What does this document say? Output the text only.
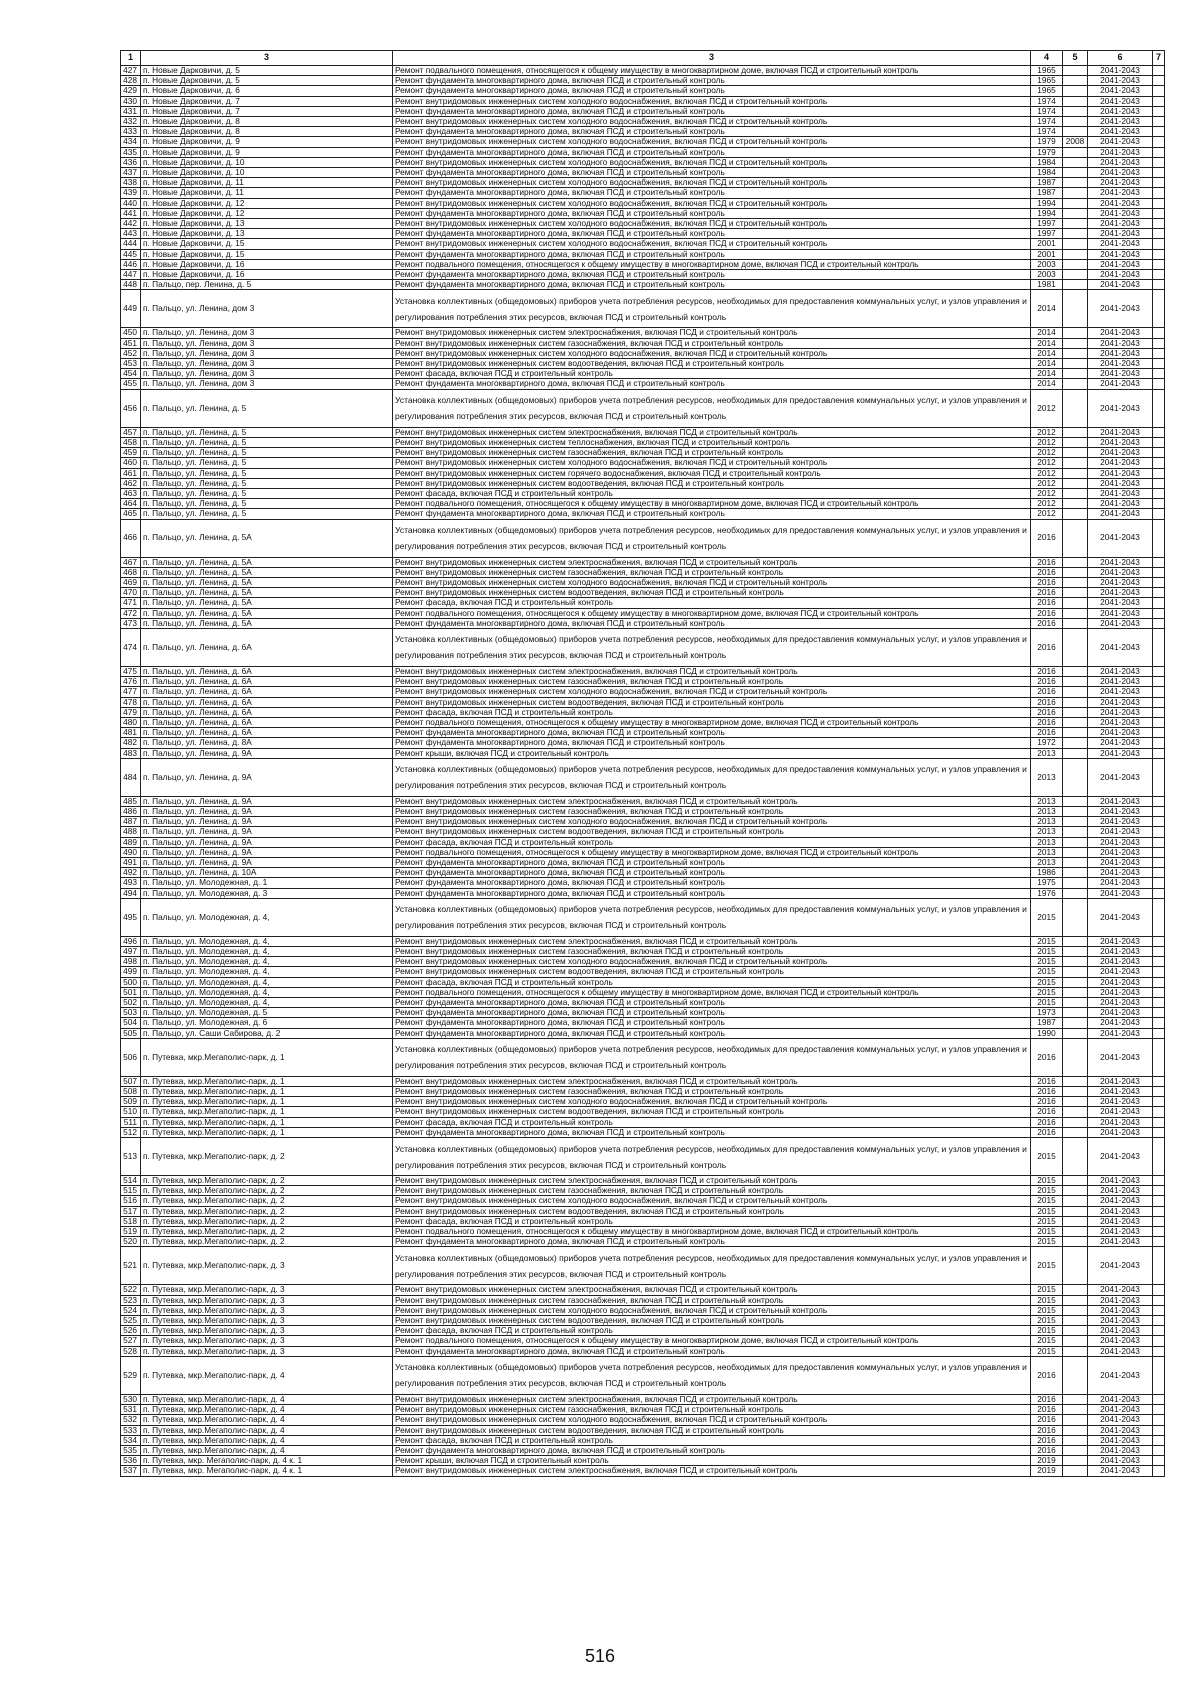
1	3	3	4	5	6	7
427	п. Новые Дарковичи, д. 5	Ремонт подвального помещения, относящегося к общему имуществу в многоквартирном доме, включая ПСД и строительный контроль	1965		2041-2043	
428	п. Новые Дарковичи, д. 5	Ремонт фундамента многоквартирного дома, включая ПСД и строительный контроль	1965		2041-2043	
429	п. Новые Дарковичи, д. 6	Ремонт фундамента многоквартирного дома, включая ПСД и строительный контроль	1965		2041-2043	
430	п. Новые Дарковичи, д. 7	Ремонт внутридомовых инженерных систем холодного водоснабжения, включая ПСД и строительный контроль	1974		2041-2043	
431	п. Новые Дарковичи, д. 7	Ремонт фундамента многоквартирного дома, включая ПСД и строительный контроль	1974		2041-2043	
432	п. Новые Дарковичи, д. 8	Ремонт внутридомовых инженерных систем холодного водоснабжения, включая ПСД и строительный контроль	1974		2041-2043	
433	п. Новые Дарковичи, д. 8	Ремонт фундамента многоквартирного дома, включая ПСД и строительный контроль	1974		2041-2043	
434	п. Новые Дарковичи, д. 9	Ремонт внутридомовых инженерных систем холодного водоснабжения, включая ПСД и строительный контроль	1979	2008	2041-2043	
435	п. Новые Дарковичи, д. 9	Ремонт фундамента многоквартирного дома, включая ПСД и строительный контроль	1979		2041-2043	
436	п. Новые Дарковичи, д. 10	Ремонт внутридомовых инженерных систем холодного водоснабжения, включая ПСД и строительный контроль	1984		2041-2043	
437	п. Новые Дарковичи, д. 10	Ремонт фундамента многоквартирного дома, включая ПСД и строительный контроль	1984		2041-2043	
438	п. Новые Дарковичи, д. 11	Ремонт внутридомовых инженерных систем холодного водоснабжения, включая ПСД и строительный контроль	1987		2041-2043	
439	п. Новые Дарковичи, д. 11	Ремонт фундамента многоквартирного дома, включая ПСД и строительный контроль	1987		2041-2043	
440	п. Новые Дарковичи, д. 12	Ремонт внутридомовых инженерных систем холодного водоснабжения, включая ПСД и строительный контроль	1994		2041-2043	
441	п. Новые Дарковичи, д. 12	Ремонт фундамента многоквартирного дома, включая ПСД и строительный контроль	1994		2041-2043	
442	п. Новые Дарковичи, д. 13	Ремонт внутридомовых инженерных систем холодного водоснабжения, включая ПСД и строительный контроль	1997		2041-2043	
443	п. Новые Дарковичи, д. 13	Ремонт фундамента многоквартирного дома, включая ПСД и строительный контроль	1997		2041-2043	
444	п. Новые Дарковичи, д. 15	Ремонт внутридомовых инженерных систем холодного водоснабжения, включая ПСД и строительный контроль	2001		2041-2043	
445	п. Новые Дарковичи, д. 15	Ремонт фундамента многоквартирного дома, включая ПСД и строительный контроль	2001		2041-2043	
446	п. Новые Дарковичи, д. 16	Ремонт подвального помещения, относящегося к общему имуществу в многоквартирном доме, включая ПСД и строительный контроль	2003		2041-2043	
447	п. Новые Дарковичи, д. 16	Ремонт фундамента многоквартирного дома, включая ПСД и строительный контроль	2003		2041-2043	
448	п. Пальцо, пер. Ленина, д. 5	Ремонт фундамента многоквартирного дома, включая ПСД и строительный контроль	1981		2041-2043	
449	п. Пальцо, ул. Ленина, дом 3	Установка коллективных (общедомовых) приборов учета потребления ресурсов, необходимых для предоставления коммунальных услуг, и узлов управления и регулирования потребления этих ресурсов, включая ПСД и строительный контроль	2014		2041-2043	
450	п. Пальцо, ул. Ленина, дом 3	Ремонт внутридомовых инженерных систем электроснабжения, включая ПСД и строительный контроль	2014		2041-2043	
451	п. Пальцо, ул. Ленина, дом 3	Ремонт внутридомовых инженерных систем газоснабжения, включая ПСД и строительный контроль	2014		2041-2043	
452	п. Пальцо, ул. Ленина, дом 3	Ремонт внутридомовых инженерных систем холодного водоснабжения, включая ПСД и строительный контроль	2014		2041-2043	
453	п. Пальцо, ул. Ленина, дом 3	Ремонт внутридомовых инженерных систем водоотведения, включая ПСД и строительный контроль	2014		2041-2043	
454	п. Пальцо, ул. Ленина, дом 3	Ремонт фасада, включая ПСД и строительный контроль	2014		2041-2043	
455	п. Пальцо, ул. Ленина, дом 3	Ремонт фундамента многоквартирного дома, включая ПСД и строительный контроль	2014		2041-2043	
456	п. Пальцо, ул. Ленина, д. 5	Установка коллективных (общедомовых) приборов учета потребления ресурсов, необходимых для предоставления коммунальных услуг, и узлов управления и регулирования потребления этих ресурсов, включая ПСД и строительный контроль	2012		2041-2043	
457	п. Пальцо, ул. Ленина, д. 5	Ремонт внутридомовых инженерных систем электроснабжения, включая ПСД и строительный контроль	2012		2041-2043	
458	п. Пальцо, ул. Ленина, д. 5	Ремонт внутридомовых инженерных систем теплоснабжения, включая ПСД и строительный контроль	2012		2041-2043	
459	п. Пальцо, ул. Ленина, д. 5	Ремонт внутридомовых инженерных систем газоснабжения, включая ПСД и строительный контроль	2012		2041-2043	
460	п. Пальцо, ул. Ленина, д. 5	Ремонт внутридомовых инженерных систем холодного водоснабжения, включая ПСД и строительный контроль	2012		2041-2043	
461	п. Пальцо, ул. Ленина, д. 5	Ремонт внутридомовых инженерных систем горячего водоснабжения, включая ПСД и строительный контроль	2012		2041-2043	
462	п. Пальцо, ул. Ленина, д. 5	Ремонт внутридомовых инженерных систем водоотведения, включая ПСД и строительный контроль	2012		2041-2043	
463	п. Пальцо, ул. Ленина, д. 5	Ремонт фасада, включая ПСД и строительный контроль	2012		2041-2043	
464	п. Пальцо, ул. Ленина, д. 5	Ремонт подвального помещения, относящегося к общему имуществу в многоквартирном доме, включая ПСД и строительный контроль	2012		2041-2043	
465	п. Пальцо, ул. Ленина, д. 5	Ремонт фундамента многоквартирного дома, включая ПСД и строительный контроль	2012		2041-2043	
466	п. Пальцо, ул. Ленина, д. 5А	Установка коллективных (общедомовых) приборов учета потребления ресурсов, необходимых для предоставления коммунальных услуг, и узлов управления и регулирования потребления этих ресурсов, включая ПСД и строительный контроль	2016		2041-2043	
467	п. Пальцо, ул. Ленина, д. 5А	Ремонт внутридомовых инженерных систем электроснабжения, включая ПСД и строительный контроль	2016		2041-2043	
468	п. Пальцо, ул. Ленина, д. 5А	Ремонт внутридомовых инженерных систем газоснабжения, включая ПСД и строительный контроль	2016		2041-2043	
469	п. Пальцо, ул. Ленина, д. 5А	Ремонт внутридомовых инженерных систем холодного водоснабжения, включая ПСД и строительный контроль	2016		2041-2043	
470	п. Пальцо, ул. Ленина, д. 5А	Ремонт внутридомовых инженерных систем водоотведения, включая ПСД и строительный контроль	2016		2041-2043	
471	п. Пальцо, ул. Ленина, д. 5А	Ремонт фасада, включая ПСД и строительный контроль	2016		2041-2043	
472	п. Пальцо, ул. Ленина, д. 5А	Ремонт подвального помещения, относящегося к общему имуществу в многоквартирном доме, включая ПСД и строительный контроль	2016		2041-2043	
473	п. Пальцо, ул. Ленина, д. 5А	Ремонт фундамента многоквартирного дома, включая ПСД и строительный контроль	2016		2041-2043	
474	п. Пальцо, ул. Ленина, д. 6А	Установка коллективных (общедомовых) приборов учета потребления ресурсов, необходимых для предоставления коммунальных услуг, и узлов управления и регулирования потребления этих ресурсов, включая ПСД и строительный контроль	2016		2041-2043	
475	п. Пальцо, ул. Ленина, д. 6А	Ремонт внутридомовых инженерных систем электроснабжения, включая ПСД и строительный контроль	2016		2041-2043	
476	п. Пальцо, ул. Ленина, д. 6А	Ремонт внутридомовых инженерных систем газоснабжения, включая ПСД и строительный контроль	2016		2041-2043	
477	п. Пальцо, ул. Ленина, д. 6А	Ремонт внутридомовых инженерных систем холодного водоснабжения, включая ПСД и строительный контроль	2016		2041-2043	
478	п. Пальцо, ул. Ленина, д. 6А	Ремонт внутридомовых инженерных систем водоотведения, включая ПСД и строительный контроль	2016		2041-2043	
479	п. Пальцо, ул. Ленина, д. 6А	Ремонт фасада, включая ПСД и строительный контроль	2016		2041-2043	
480	п. Пальцо, ул. Ленина, д. 6А	Ремонт подвального помещения, относящегося к общему имуществу в многоквартирном доме, включая ПСД и строительный контроль	2016		2041-2043	
481	п. Пальцо, ул. Ленина, д. 6А	Ремонт фундамента многоквартирного дома, включая ПСД и строительный контроль	2016		2041-2043	
482	п. Пальцо, ул. Ленина, д. 8А	Ремонт фундамента многоквартирного дома, включая ПСД и строительный контроль	1972		2041-2043	
483	п. Пальцо, ул. Ленина, д. 9А	Ремонт крыши, включая ПСД и строительный контроль	2013		2041-2043	
484	п. Пальцо, ул. Ленина, д. 9А	Установка коллективных (общедомовых) приборов учета потребления ресурсов, необходимых для предоставления коммунальных услуг, и узлов управления и регулирования потребления этих ресурсов, включая ПСД и строительный контроль	2013		2041-2043	
485	п. Пальцо, ул. Ленина, д. 9А	Ремонт внутридомовых инженерных систем электроснабжения, включая ПСД и строительный контроль	2013		2041-2043	
486	п. Пальцо, ул. Ленина, д. 9А	Ремонт внутридомовых инженерных систем газоснабжения, включая ПСД и строительный контроль	2013		2041-2043	
487	п. Пальцо, ул. Ленина, д. 9А	Ремонт внутридомовых инженерных систем холодного водоснабжения, включая ПСД и строительный контроль	2013		2041-2043	
488	п. Пальцо, ул. Ленина, д. 9А	Ремонт внутридомовых инженерных систем водоотведения, включая ПСД и строительный контроль	2013		2041-2043	
489	п. Пальцо, ул. Ленина, д. 9А	Ремонт фасада, включая ПСД и строительный контроль	2013		2041-2043	
490	п. Пальцо, ул. Ленина, д. 9А	Ремонт подвального помещения, относящегося к общему имуществу в многоквартирном доме, включая ПСД и строительный контроль	2013		2041-2043	
491	п. Пальцо, ул. Ленина, д. 9А	Ремонт фундамента многоквартирного дома, включая ПСД и строительный контроль	2013		2041-2043	
492	п. Пальцо, ул. Ленина, д. 10А	Ремонт фундамента многоквартирного дома, включая ПСД и строительный контроль	1986		2041-2043	
493	п. Пальцо, ул. Молодежная, д. 1	Ремонт фундамента многоквартирного дома, включая ПСД и строительный контроль	1975		2041-2043	
494	п. Пальцо, ул. Молодежная, д. 3	Ремонт фундамента многоквартирного дома, включая ПСД и строительный контроль	1976		2041-2043	
495	п. Пальцо, ул. Молодежная, д. 4,	Установка коллективных (общедомовых) приборов учета потребления ресурсов, необходимых для предоставления коммунальных услуг, и узлов управления и регулирования потребления этих ресурсов, включая ПСД и строительный контроль	2015		2041-2043	
496	п. Пальцо, ул. Молодежная, д. 4,	Ремонт внутридомовых инженерных систем электроснабжения, включая ПСД и строительный контроль	2015		2041-2043	
497	п. Пальцо, ул. Молодежная, д. 4,	Ремонт внутридомовых инженерных систем газоснабжения, включая ПСД и строительный контроль	2015		2041-2043	
498	п. Пальцо, ул. Молодежная, д. 4,	Ремонт внутридомовых инженерных систем холодного водоснабжения, включая ПСД и строительный контроль	2015		2041-2043	
499	п. Пальцо, ул. Молодежная, д. 4,	Ремонт внутридомовых инженерных систем водоотведения, включая ПСД и строительный контроль	2015		2041-2043	
500	п. Пальцо, ул. Молодежная, д. 4,	Ремонт фасада, включая ПСД и строительный контроль	2015		2041-2043	
501	п. Пальцо, ул. Молодежная, д. 4,	Ремонт подвального помещения, относящегося к общему имуществу в многоквартирном доме, включая ПСД и строительный контроль	2015		2041-2043	
502	п. Пальцо, ул. Молодежная, д. 4,	Ремонт фундамента многоквартирного дома, включая ПСД и строительный контроль	2015		2041-2043	
503	п. Пальцо, ул. Молодежная, д. 5	Ремонт фундамента многоквартирного дома, включая ПСД и строительный контроль	1973		2041-2043	
504	п. Пальцо, ул. Молодежная, д. 6	Ремонт фундамента многоквартирного дома, включая ПСД и строительный контроль	1987		2041-2043	
505	п. Пальцо, ул. Саши Сабирова, д. 2	Ремонт фундамента многоквартирного дома, включая ПСД и строительный контроль	1990		2041-2043	
506	п. Путевка, мкр.Мегаполис-парк, д. 1	Установка коллективных (общедомовых) приборов учета потребления ресурсов, необходимых для предоставления коммунальных услуг, и узлов управления и регулирования потребления этих ресурсов, включая ПСД и строительный контроль	2016		2041-2043	
507	п. Путевка, мкр.Мегаполис-парк, д. 1	Ремонт внутридомовых инженерных систем электроснабжения, включая ПСД и строительный контроль	2016		2041-2043	
508	п. Путевка, мкр.Мегаполис-парк, д. 1	Ремонт внутридомовых инженерных систем газоснабжения, включая ПСД и строительный контроль	2016		2041-2043	
509	п. Путевка, мкр.Мегаполис-парк, д. 1	Ремонт внутридомовых инженерных систем холодного водоснабжения, включая ПСД и строительный контроль	2016		2041-2043	
510	п. Путевка, мкр.Мегаполис-парк, д. 1	Ремонт внутридомовых инженерных систем водоотведения, включая ПСД и строительный контроль	2016		2041-2043	
511	п. Путевка, мкр.Мегаполис-парк, д. 1	Ремонт фасада, включая ПСД и строительный контроль	2016		2041-2043	
512	п. Путевка, мкр.Мегаполис-парк, д. 1	Ремонт фундамента многоквартирного дома, включая ПСД и строительный контроль	2016		2041-2043	
513	п. Путевка, мкр.Мегаполис-парк, д. 2	Установка коллективных (общедомовых) приборов учета потребления ресурсов, необходимых для предоставления коммунальных услуг, и узлов управления и регулирования потребления этих ресурсов, включая ПСД и строительный контроль	2015		2041-2043	
514	п. Путевка, мкр.Мегаполис-парк, д. 2	Ремонт внутридомовых инженерных систем электроснабжения, включая ПСД и строительный контроль	2015		2041-2043	
515	п. Путевка, мкр.Мегаполис-парк, д. 2	Ремонт внутридомовых инженерных систем газоснабжения, включая ПСД и строительный контроль	2015		2041-2043	
516	п. Путевка, мкр.Мегаполис-парк, д. 2	Ремонт внутридомовых инженерных систем холодного водоснабжения, включая ПСД и строительный контроль	2015		2041-2043	
517	п. Путевка, мкр.Мегаполис-парк, д. 2	Ремонт внутридомовых инженерных систем водоотведения, включая ПСД и строительный контроль	2015		2041-2043	
518	п. Путевка, мкр.Мегаполис-парк, д. 2	Ремонт фасада, включая ПСД и строительный контроль	2015		2041-2043	
519	п. Путевка, мкр.Мегаполис-парк, д. 2	Ремонт подвального помещения, относящегося к общему имуществу в многоквартирном доме, включая ПСД и строительный контроль	2015		2041-2043	
520	п. Путевка, мкр.Мегаполис-парк, д. 2	Ремонт фундамента многоквартирного дома, включая ПСД и строительный контроль	2015		2041-2043	
521	п. Путевка, мкр.Мегаполис-парк, д. 3	Установка коллективных (общедомовых) приборов учета потребления ресурсов, необходимых для предоставления коммунальных услуг, и узлов управления и регулирования потребления этих ресурсов, включая ПСД и строительный контроль	2015		2041-2043	
522	п. Путевка, мкр.Мегаполис-парк, д. 3	Ремонт внутридомовых инженерных систем электроснабжения, включая ПСД и строительный контроль	2015		2041-2043	
523	п. Путевка, мкр.Мегаполис-парк, д. 3	Ремонт внутридомовых инженерных систем газоснабжения, включая ПСД и строительный контроль	2015		2041-2043	
524	п. Путевка, мкр.Мегаполис-парк, д. 3	Ремонт внутридомовых инженерных систем холодного водоснабжения, включая ПСД и строительный контроль	2015		2041-2043	
525	п. Путевка, мкр.Мегаполис-парк, д. 3	Ремонт внутридомовых инженерных систем водоотведения, включая ПСД и строительный контроль	2015		2041-2043	
526	п. Путевка, мкр.Мегаполис-парк, д. 3	Ремонт фасада, включая ПСД и строительный контроль	2015		2041-2043	
527	п. Путевка, мкр.Мегаполис-парк, д. 3	Ремонт подвального помещения, относящегося к общему имуществу в многоквартирном доме, включая ПСД и строительный контроль	2015		2041-2043	
528	п. Путевка, мкр.Мегаполис-парк, д. 3	Ремонт фундамента многоквартирного дома, включая ПСД и строительный контроль	2015		2041-2043	
529	п. Путевка, мкр.Мегаполис-парк, д. 4	Установка коллективных (общедомовых) приборов учета потребления ресурсов, необходимых для предоставления коммунальных услуг, и узлов управления и регулирования потребления этих ресурсов, включая ПСД и строительный контроль	2016		2041-2043	
530	п. Путевка, мкр.Мегаполис-парк, д. 4	Ремонт внутридомовых инженерных систем электроснабжения, включая ПСД и строительный контроль	2016		2041-2043	
531	п. Путевка, мкр.Мегаполис-парк, д. 4	Ремонт внутридомовых инженерных систем газоснабжения, включая ПСД и строительный контроль	2016		2041-2043	
532	п. Путевка, мкр.Мегаполис-парк, д. 4	Ремонт внутридомовых инженерных систем холодного водоснабжения, включая ПСД и строительный контроль	2016		2041-2043	
533	п. Путевка, мкр.Мегаполис-парк, д. 4	Ремонт внутридомовых инженерных систем водоотведения, включая ПСД и строительный контроль	2016		2041-2043	
534	п. Путевка, мкр.Мегаполис-парк, д. 4	Ремонт фасада, включая ПСД и строительный контроль	2016		2041-2043	
535	п. Путевка, мкр.Мегаполис-парк, д. 4	Ремонт фундамента многоквартирного дома, включая ПСД и строительный контроль	2016		2041-2043	
536	п. Путевка, мкр. Мегаполис-парк, д. 4 к. 1	Ремонт крыши, включая ПСД и строительный контроль	2019		2041-2043	
537	п. Путевка, мкр. Мегаполис-парк, д. 4 к. 1	Ремонт внутридомовых инженерных систем электроснабжения, включая ПСД и строительный контроль	2019		2041-2043	
516
